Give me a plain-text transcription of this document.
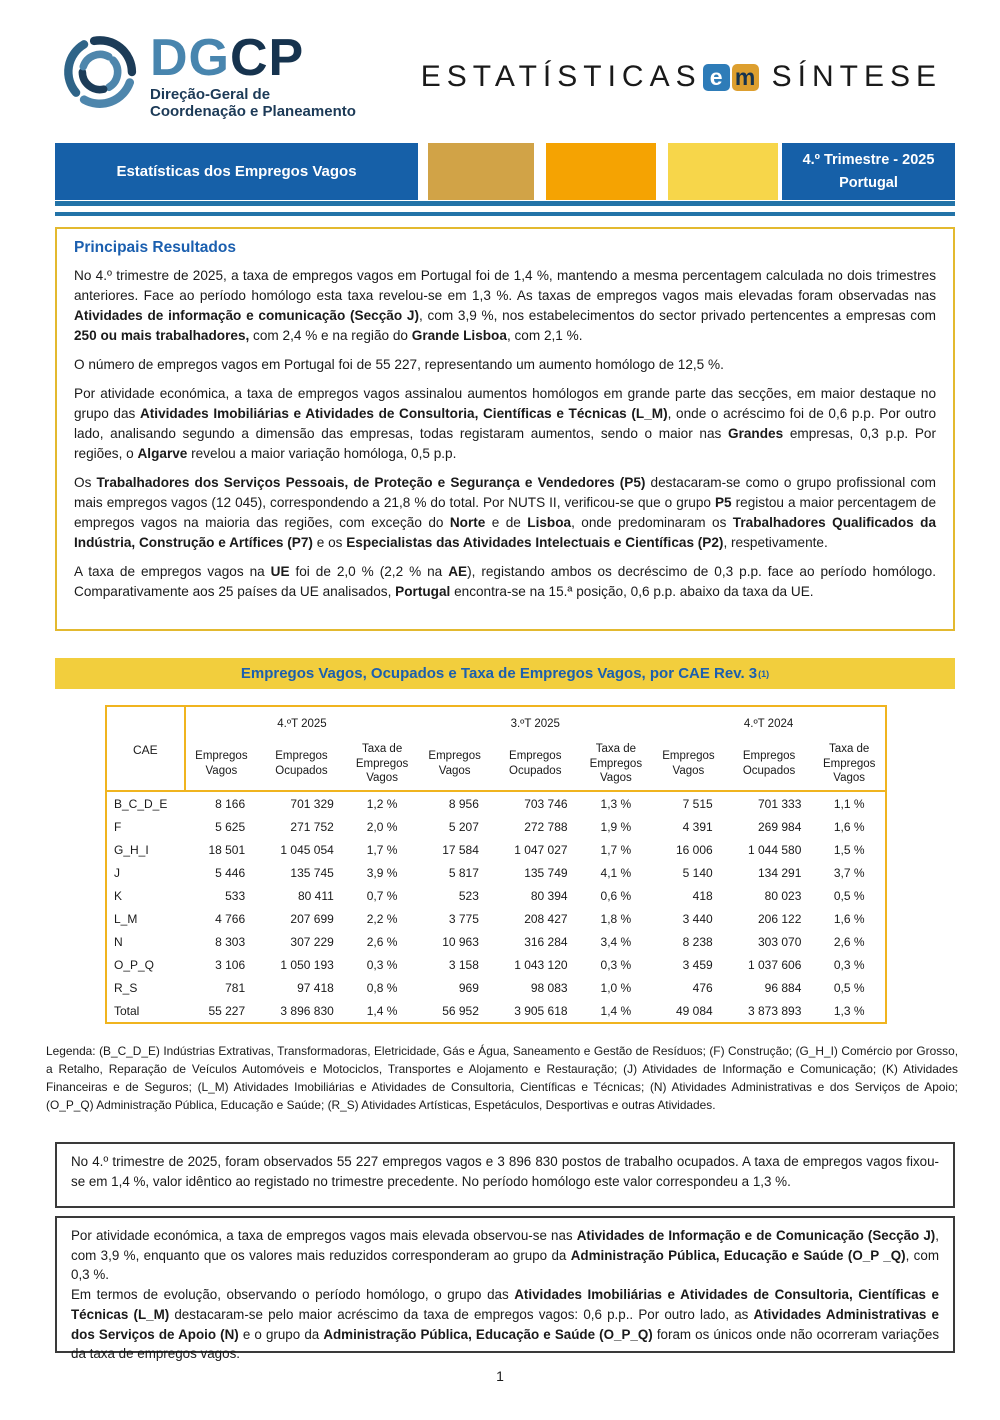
DGCP
Direção-Geral de
Coordenação e Planeamento
ESTATÍSTICAS e m SÍNTESE
Estatísticas dos Empregos Vagos
4.º Trimestre - 2025
Portugal
Principais Resultados

No 4.º trimestre de 2025, a taxa de empregos vagos em Portugal foi de 1,4 %, mantendo a mesma percentagem calculada no dois trimestres anteriores. Face ao período homólogo esta taxa revelou-se em 1,3 %. As taxas de empregos vagos mais elevadas foram observadas nas Atividades de informação e comunicação (Secção J), com 3,9 %, nos estabelecimentos do sector privado pertencentes a empresas com 250 ou mais trabalhadores, com 2,4 % e na região do Grande Lisboa, com 2,1 %.

O número de empregos vagos em Portugal foi de 55 227, representando um aumento homólogo de 12,5 %.

Por atividade económica, a taxa de empregos vagos assinalou aumentos homólogos em grande parte das secções, em maior destaque no grupo das Atividades Imobiliárias e Atividades de Consultoria, Científicas e Técnicas (L_M), onde o acréscimo foi de 0,6 p.p. Por outro lado, analisando segundo a dimensão das empresas, todas registaram aumentos, sendo o maior nas Grandes empresas, 0,3 p.p. Por regiões, o Algarve revelou a maior variação homóloga, 0,5 p.p.

Os Trabalhadores dos Serviços Pessoais, de Proteção e Segurança e Vendedores (P5) destacaram-se como o grupo profissional com mais empregos vagos (12 045), correspondendo a 21,8 % do total. Por NUTS II, verificou-se que o grupo P5 registou a maior percentagem de empregos vagos na maioria das regiões, com exceção do Norte e de Lisboa, onde predominaram os Trabalhadores Qualificados da Indústria, Construção e Artífices (P7) e os Especialistas das Atividades Intelectuais e Científicas (P2), respetivamente.

A taxa de empregos vagos na UE foi de 2,0 % (2,2 % na AE), registando ambos os decréscimo de 0,3 p.p. face ao período homólogo. Comparativamente aos 25 países da UE analisados, Portugal encontra-se na 15.ª posição, 0,6 p.p. abaixo da taxa da UE.

Empregos Vagos, Ocupados e Taxa de Empregos Vagos, por CAE Rev. 3 (1)
CAE	4.ºT 2025			3.ºT 2025			4.ºT 2024		
	Empregos Vagos	Empregos Ocupados	Taxa de Empregos Vagos	Empregos Vagos	Empregos Ocupados	Taxa de Empregos Vagos	Empregos Vagos	Empregos Ocupados	Taxa de Empregos Vagos
B_C_D_E	8 166	701 329	1,2 %	8 956	703 746	1,3 %	7 515	701 333	1,1 %
F	5 625	271 752	2,0 %	5 207	272 788	1,9 %	4 391	269 984	1,6 %
G_H_I	18 501	1 045 054	1,7 %	17 584	1 047 027	1,7 %	16 006	1 044 580	1,5 %
J	5 446	135 745	3,9 %	5 817	135 749	4,1 %	5 140	134 291	3,7 %
K	533	80 411	0,7 %	523	80 394	0,6 %	418	80 023	0,5 %
L_M	4 766	207 699	2,2 %	3 775	208 427	1,8 %	3 440	206 122	1,6 %
N	8 303	307 229	2,6 %	10 963	316 284	3,4 %	8 238	303 070	2,6 %
O_P_Q	3 106	1 050 193	0,3 %	3 158	1 043 120	0,3 %	3 459	1 037 606	0,3 %
R_S	781	97 418	0,8 %	969	98 083	1,0 %	476	96 884	0,5 %
Total	55 227	3 896 830	1,4 %	56 952	3 905 618	1,4 %	49 084	3 873 893	1,3 %
Legenda: (B_C_D_E) Indústrias Extrativas, Transformadoras, Eletricidade, Gás e Água, Saneamento e Gestão de Resíduos; (F) Construção; (G_H_I) Comércio por Grosso, a Retalho, Reparação de Veículos Automóveis e Motociclos, Transportes e Alojamento e Restauração; (J) Atividades de Informação e Comunicação; (K) Atividades Financeiras e de Seguros; (L_M) Atividades Imobiliárias e Atividades de Consultoria, Científicas e Técnicas; (N) Atividades Administrativas e dos Serviços de Apoio; (O_P_Q) Administração Pública, Educação e Saúde; (R_S) Atividades Artísticas, Espetáculos, Desportivas e outras Atividades.

No 4.º trimestre de 2025, foram observados 55 227 empregos vagos e 3 896 830 postos de trabalho ocupados. A taxa de empregos vagos fixou-se em 1,4 %, valor idêntico ao registado no trimestre precedente. No período homólogo este valor correspondeu a 1,3 %.

Por atividade económica, a taxa de empregos vagos mais elevada observou-se nas Atividades de Informação e de Comunicação (Secção J), com 3,9 %, enquanto que os valores mais reduzidos corresponderam ao grupo da Administração Pública, Educação e Saúde (O_P _Q), com 0,3 %.

Em termos de evolução, observando o período homólogo, o grupo das Atividades Imobiliárias e Atividades de Consultoria, Científicas e Técnicas (L_M) destacaram-se pelo maior acréscimo da taxa de empregos vagos: 0,6 p.p.. Por outro lado, as Atividades Administrativas e dos Serviços de Apoio (N) e o grupo da Administração Pública, Educação e Saúde (O_P_Q) foram os únicos onde não ocorreram variações da taxa de empregos vagos.

1
